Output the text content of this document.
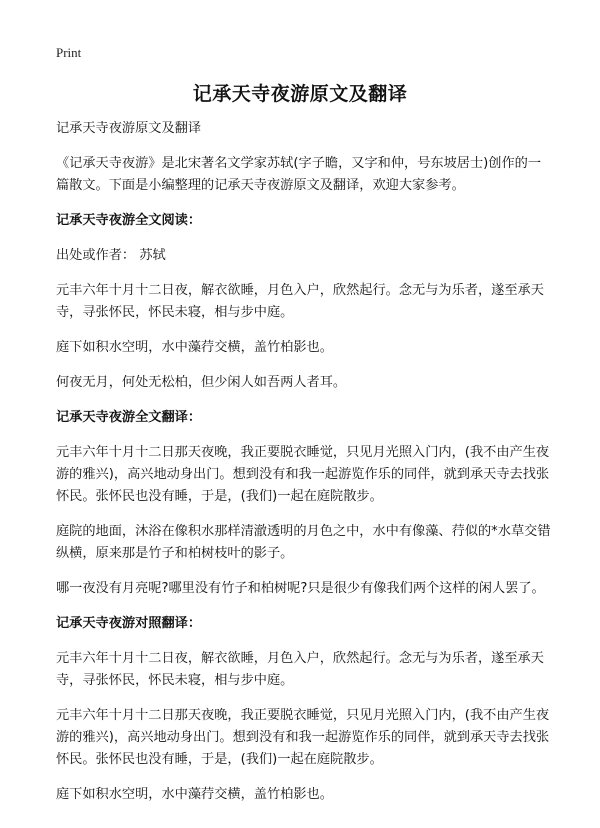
Print
记承天寺夜游原文及翻译

记承天寺夜游原文及翻译

《记承天寺夜游》是北宋著名文学家苏轼(字子瞻，又字和仲，号东坡居士)创作的一篇散文。下面是小编整理的记承天寺夜游原文及翻译，欢迎大家参考。

记承天寺夜游全文阅读：

出处或作者： 苏轼

元丰六年十月十二日夜，解衣欲睡，月色入户，欣然起行。念无与为乐者，遂至承天寺，寻张怀民，怀民未寝，相与步中庭。

庭下如积水空明，水中藻荇交横，盖竹柏影也。

何夜无月，何处无松柏，但少闲人如吾两人者耳。

记承天寺夜游全文翻译：

元丰六年十月十二日那天夜晚，我正要脱衣睡觉，只见月光照入门内，(我不由产生夜游的雅兴)，高兴地动身出门。想到没有和我一起游览作乐的同伴，就到承天寺去找张怀民。张怀民也没有睡，于是，(我们)一起在庭院散步。

庭院的地面，沐浴在像积水那样清澈透明的月色之中，水中有像藻、荇似的*水草交错纵横，原来那是竹子和柏树枝叶的影子。

哪一夜没有月亮呢?哪里没有竹子和柏树呢?只是很少有像我们两个这样的闲人罢了。

记承天寺夜游对照翻译：

元丰六年十月十二日夜，解衣欲睡，月色入户，欣然起行。念无与为乐者，遂至承天寺，寻张怀民，怀民未寝，相与步中庭。

元丰六年十月十二日那天夜晚，我正要脱衣睡觉，只见月光照入门内，(我不由产生夜游的雅兴)，高兴地动身出门。想到没有和我一起游览作乐的同伴，就到承天寺去找张怀民。张怀民也没有睡，于是，(我们)一起在庭院散步。

庭下如积水空明，水中藻荇交横，盖竹柏影也。
